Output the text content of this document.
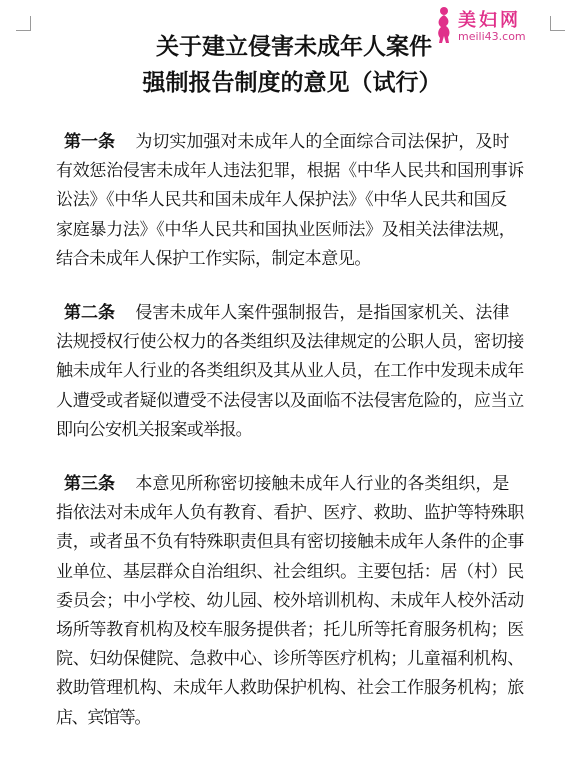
美妇网
meili43.com
关于建立侵害未成年人案件
强制报告制度的意见（试行）
第一条 为切实加强对未成年人的全面综合司法保护，及时
有效惩治侵害未成年人违法犯罪，根据《中华人民共和国刑事诉
讼法》《中华人民共和国未成年人保护法》《中华人民共和国反
家庭暴力法》《中华人民共和国执业医师法》及相关法律法规，
结合未成年人保护工作实际，制定本意见。
第二条 侵害未成年人案件强制报告，是指国家机关、法律
法规授权行使公权力的各类组织及法律规定的公职人员，密切接
触未成年人行业的各类组织及其从业人员，在工作中发现未成年
人遭受或者疑似遭受不法侵害以及面临不法侵害危险的，应当立
即向公安机关报案或举报。
第三条 本意见所称密切接触未成年人行业的各类组织，是
指依法对未成年人负有教育、看护、医疗、救助、监护等特殊职
责，或者虽不负有特殊职责但具有密切接触未成年人条件的企事
业单位、基层群众自治组织、社会组织。主要包括：居（村）民
委员会；中小学校、幼儿园、校外培训机构、未成年人校外活动
场所等教育机构及校车服务提供者；托儿所等托育服务机构；医
院、妇幼保健院、急救中心、诊所等医疗机构；儿童福利机构、
救助管理机构、未成年人救助保护机构、社会工作服务机构；旅
店、宾馆等。
